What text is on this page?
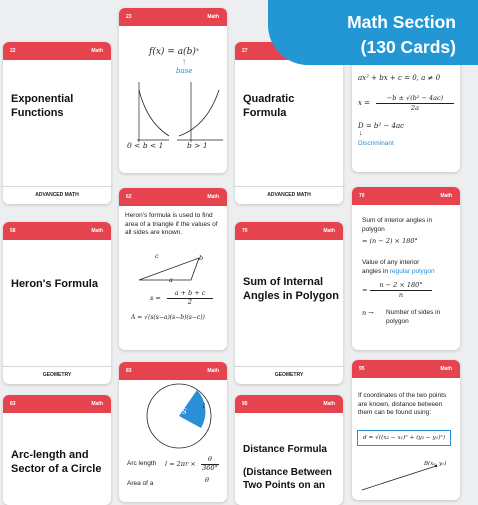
22	Math
Exponential
Functions
ADVANCED MATH
58	Math
Heron's Formula
GEOMETRY
83	Math
Arc-length and
Sector of a Circle
23	Math
f(x) = a(b)ˣ
↑
base
0 < b < 1	b > 1
62	Math
Heron's formula is used to find
area of a triangle if the values of
all sides are known.
c	b
a
s =
a + b + c
2
A = √(s(s−a)(s−b)(s−c))
83	Math
S
θ
r
l
Arc length l = 2πr ×
θ
360°
Area of a	θ
27
Quadratic
Formula
ADVANCED MATH
70	Math
Sum of Internal
Angles in Polygon
GEOMETRY
95	Math
Distance Formula
(Distance Between
Two Points on an
ax² + bx + c = 0, a ≠ 0
x =
−b ± √(b² − 4ac)
2a
D = b² − 4ac
↓
Discriminant
70	Math
Sum of interior angles in
polygon
= (n − 2) × 180°
Value of any interior
angles in regular polygon
=
n − 2 × 180°
n
n → Number of sides in
polygon
95	Math
If coordinates of the two points
are known, distance between
them can be found using:
d = √((x₂ − x₁)² + (y₂ − y₁)²)
B(x₂, y₂)
Math Section
(130 Cards)
